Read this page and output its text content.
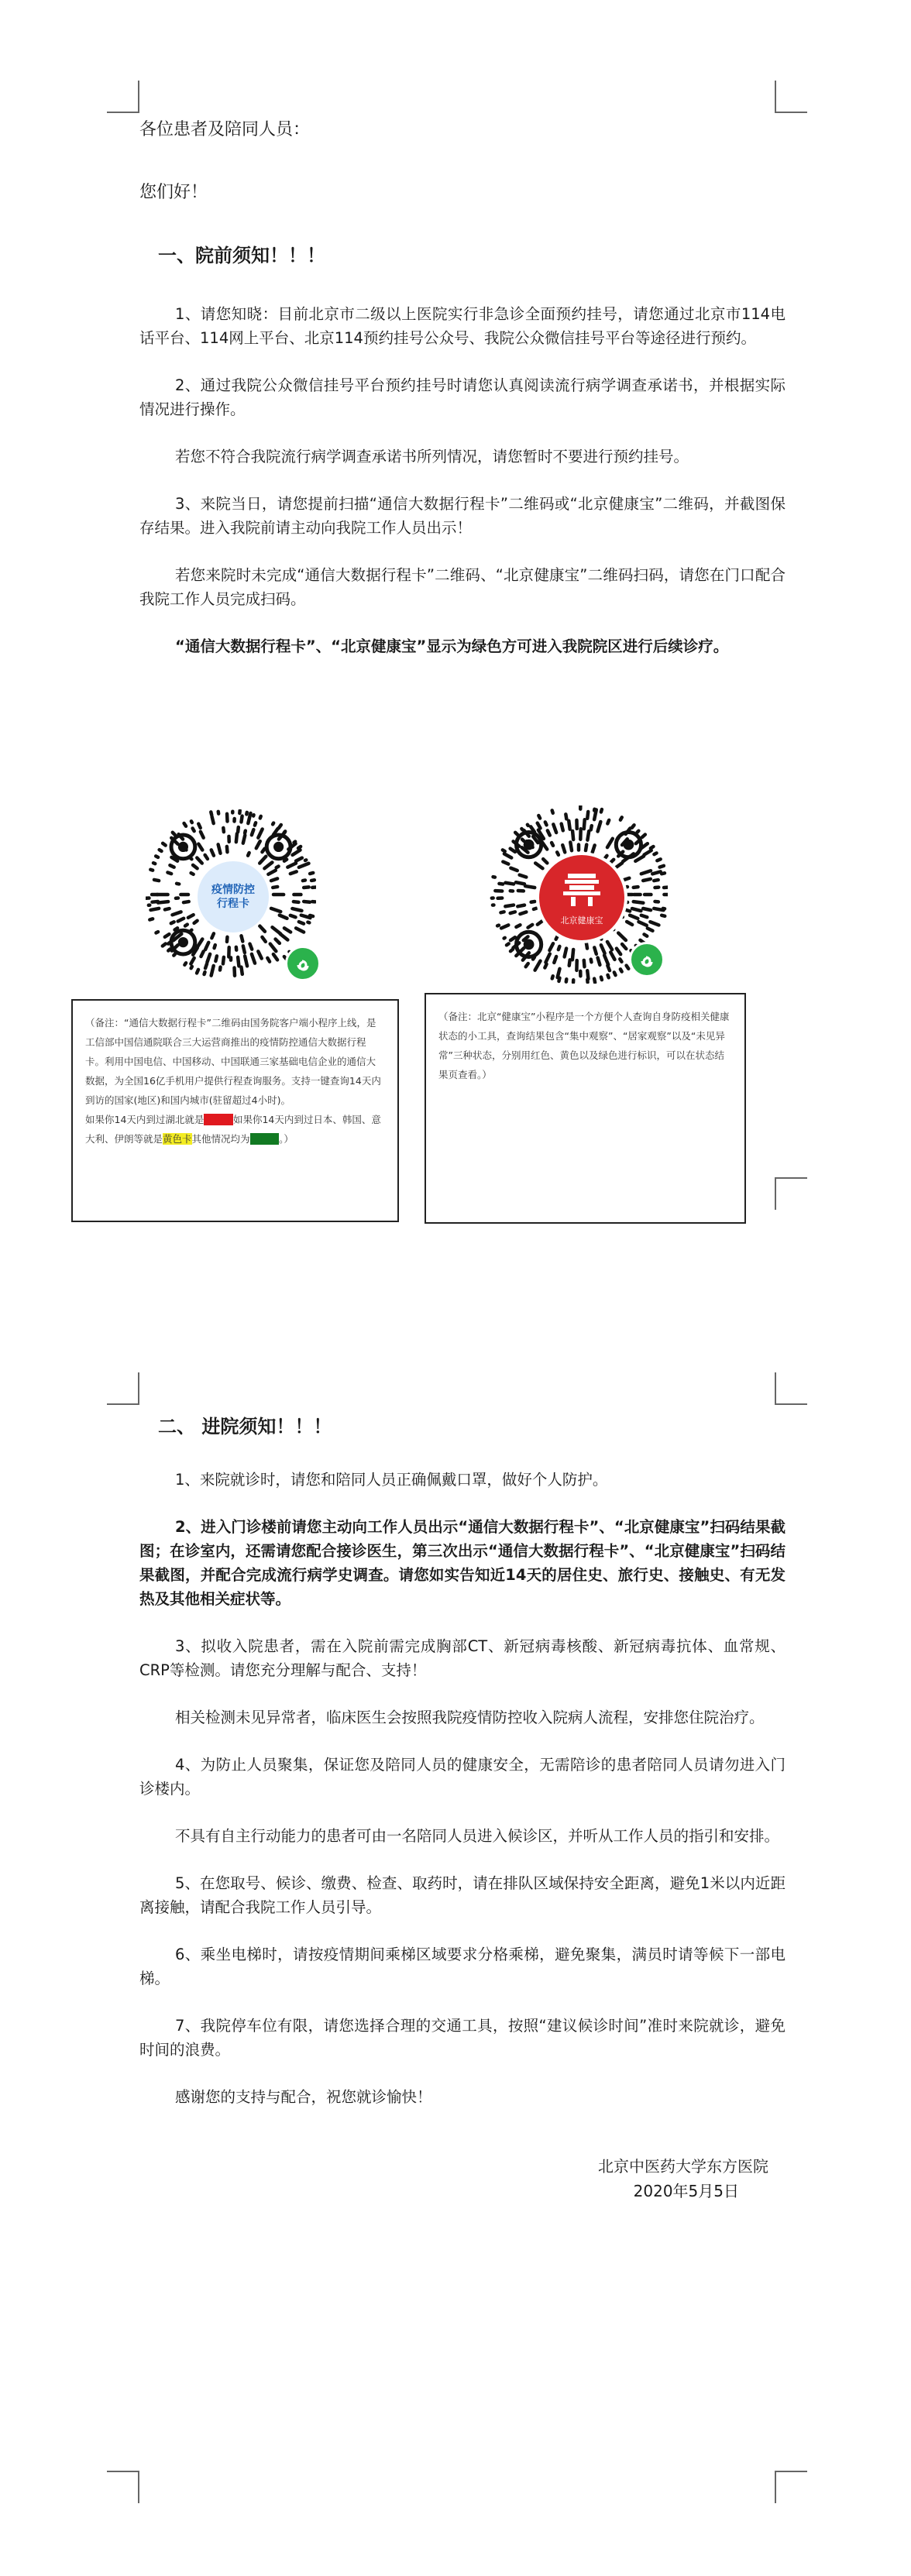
各位患者及陪同人员：

您们好！

一、院前须知！！！

1、请您知晓：目前北京市二级以上医院实行非急诊全面预约挂号，请您通过北京市114电话平台、114网上平台、北京114预约挂号公众号、我院公众微信挂号平台等途径进行预约。

2、通过我院公众微信挂号平台预约挂号时请您认真阅读流行病学调查承诺书，并根据实际情况进行操作。

若您不符合我院流行病学调查承诺书所列情况，请您暂时不要进行预约挂号。

3、来院当日，请您提前扫描“通信大数据行程卡”二维码或“北京健康宝”二维码，并截图保存结果。进入我院前请主动向我院工作人员出示！

若您来院时未完成“通信大数据行程卡”二维码、“北京健康宝”二维码扫码，请您在门口配合我院工作人员完成扫码。

“通信大数据行程卡”、“北京健康宝”显示为绿色方可进入我院院区进行后续诊疗。

疫情防控
行程卡
北京健康宝
（备注：“通信大数据行程卡”二维码由国务院客户端小程序上线，是工信部中国信通院联合三大运营商推出的疫情防控通信大数据行程卡。利用中国电信、中国移动、中国联通三家基础电信企业的通信大数据，为全国16亿手机用户提供行程查询服务。支持一键查询14天内到访的国家(地区)和国内城市(驻留超过4小时)。
如果你14天内到过湖北就是红色卡如果你14天内到过日本、韩国、意大利、伊朗等就是黄色卡其他情况均为绿色卡。）
（备注：北京“健康宝”小程序是一个方便个人查询自身防疫相关健康状态的小工具，查询结果包含“集中观察”、“居家观察”以及“未见异常”三种状态，分别用红色、黄色以及绿色进行标识，可以在状态结果页查看。）

二、 进院须知！！！

1、来院就诊时，请您和陪同人员正确佩戴口罩，做好个人防护。

2、进入门诊楼前请您主动向工作人员出示“通信大数据行程卡”、“北京健康宝”扫码结果截图；在诊室内，还需请您配合接诊医生，第三次出示“通信大数据行程卡”、“北京健康宝”扫码结果截图，并配合完成流行病学史调查。请您如实告知近14天的居住史、旅行史、接触史、有无发热及其他相关症状等。

3、拟收入院患者，需在入院前需完成胸部CT、新冠病毒核酸、新冠病毒抗体、血常规、CRP等检测。请您充分理解与配合、支持！

相关检测未见异常者，临床医生会按照我院疫情防控收入院病人流程，安排您住院治疗。

4、为防止人员聚集，保证您及陪同人员的健康安全，无需陪诊的患者陪同人员请勿进入门诊楼内。

不具有自主行动能力的患者可由一名陪同人员进入候诊区，并听从工作人员的指引和安排。

5、在您取号、候诊、缴费、检查、取药时，请在排队区域保持安全距离，避免1米以内近距离接触，请配合我院工作人员引导。

6、乘坐电梯时，请按疫情期间乘梯区域要求分格乘梯，避免聚集，满员时请等候下一部电梯。

7、我院停车位有限，请您选择合理的交通工具，按照“建议候诊时间”准时来院就诊，避免时间的浪费。

感谢您的支持与配合，祝您就诊愉快！

北京中医药大学东方医院

2020年5月5日
